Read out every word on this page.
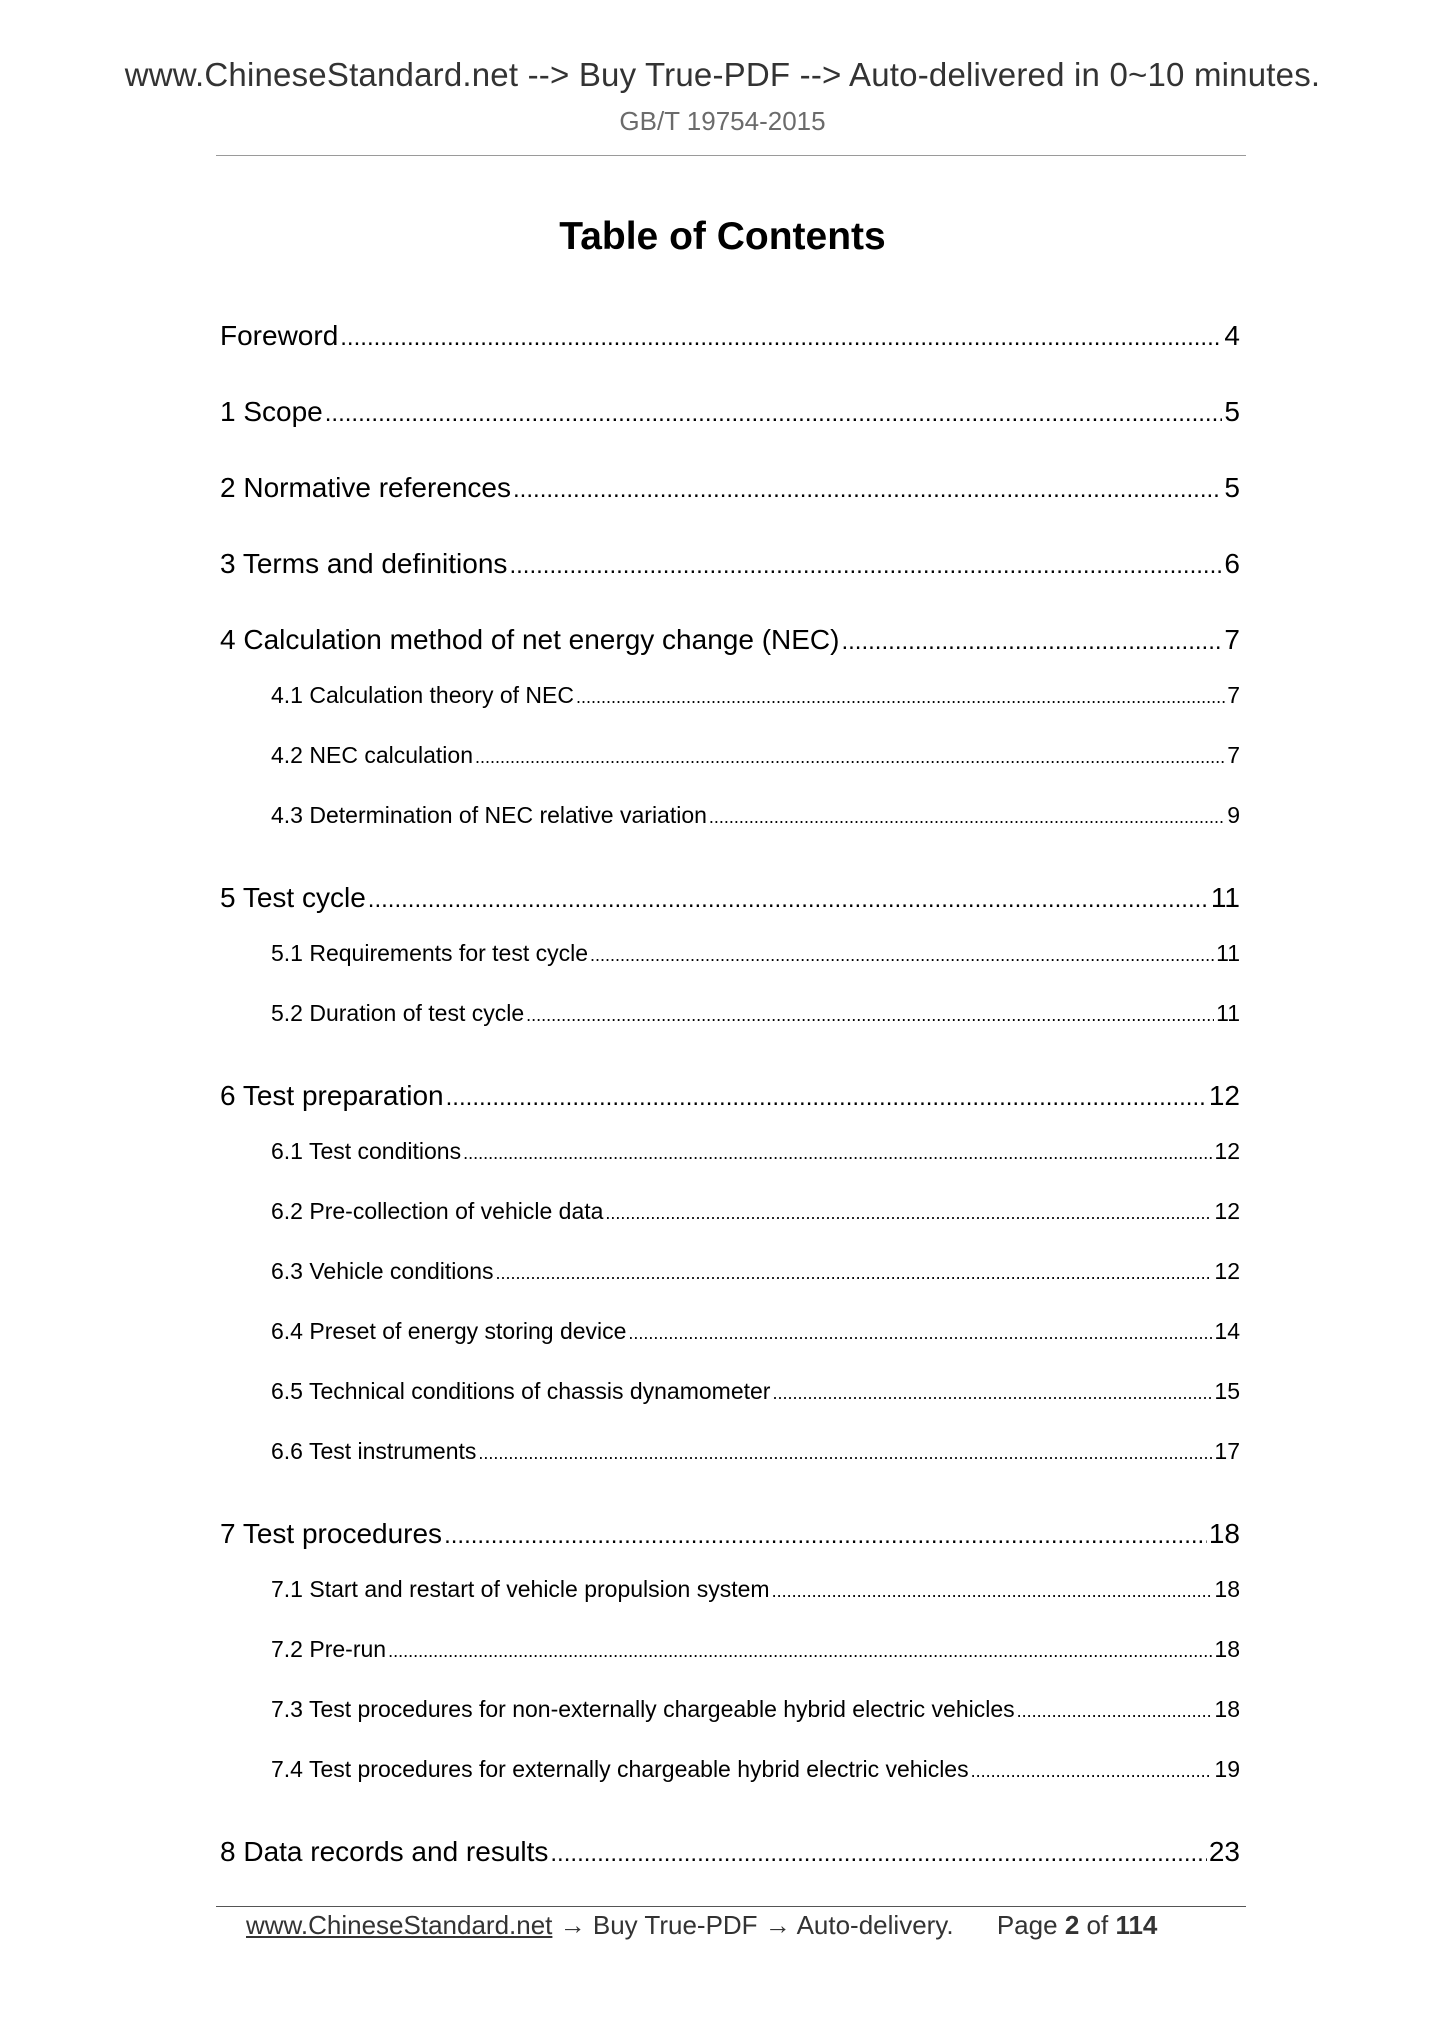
www.ChineseStandard.net --> Buy True-PDF --> Auto-delivered in 0~10 minutes.
GB/T 19754-2015
Table of Contents
Foreword .....	4
1 Scope .....	5
2 Normative references .....	5
3 Terms and definitions .....	6
4 Calculation method of net energy change (NEC) .....	7
4.1 Calculation theory of NEC .....	7
4.2 NEC calculation .....	7
4.3 Determination of NEC relative variation .....	9
5 Test cycle .....	11
5.1 Requirements for test cycle .....	11
5.2 Duration of test cycle .....	11
6 Test preparation .....	12
6.1 Test conditions .....	12
6.2 Pre-collection of vehicle data .....	12
6.3 Vehicle conditions .....	12
6.4 Preset of energy storing device .....	14
6.5 Technical conditions of chassis dynamometer .....	15
6.6 Test instruments .....	17
7 Test procedures .....	18
7.1 Start and restart of vehicle propulsion system .....	18
7.2 Pre-run .....	18
7.3 Test procedures for non-externally chargeable hybrid electric vehicles .....	18
7.4 Test procedures for externally chargeable hybrid electric vehicles .....	19
8 Data records and results .....	23
www.ChineseStandard.net → Buy True-PDF → Auto-delivery. Page 2 of 114
